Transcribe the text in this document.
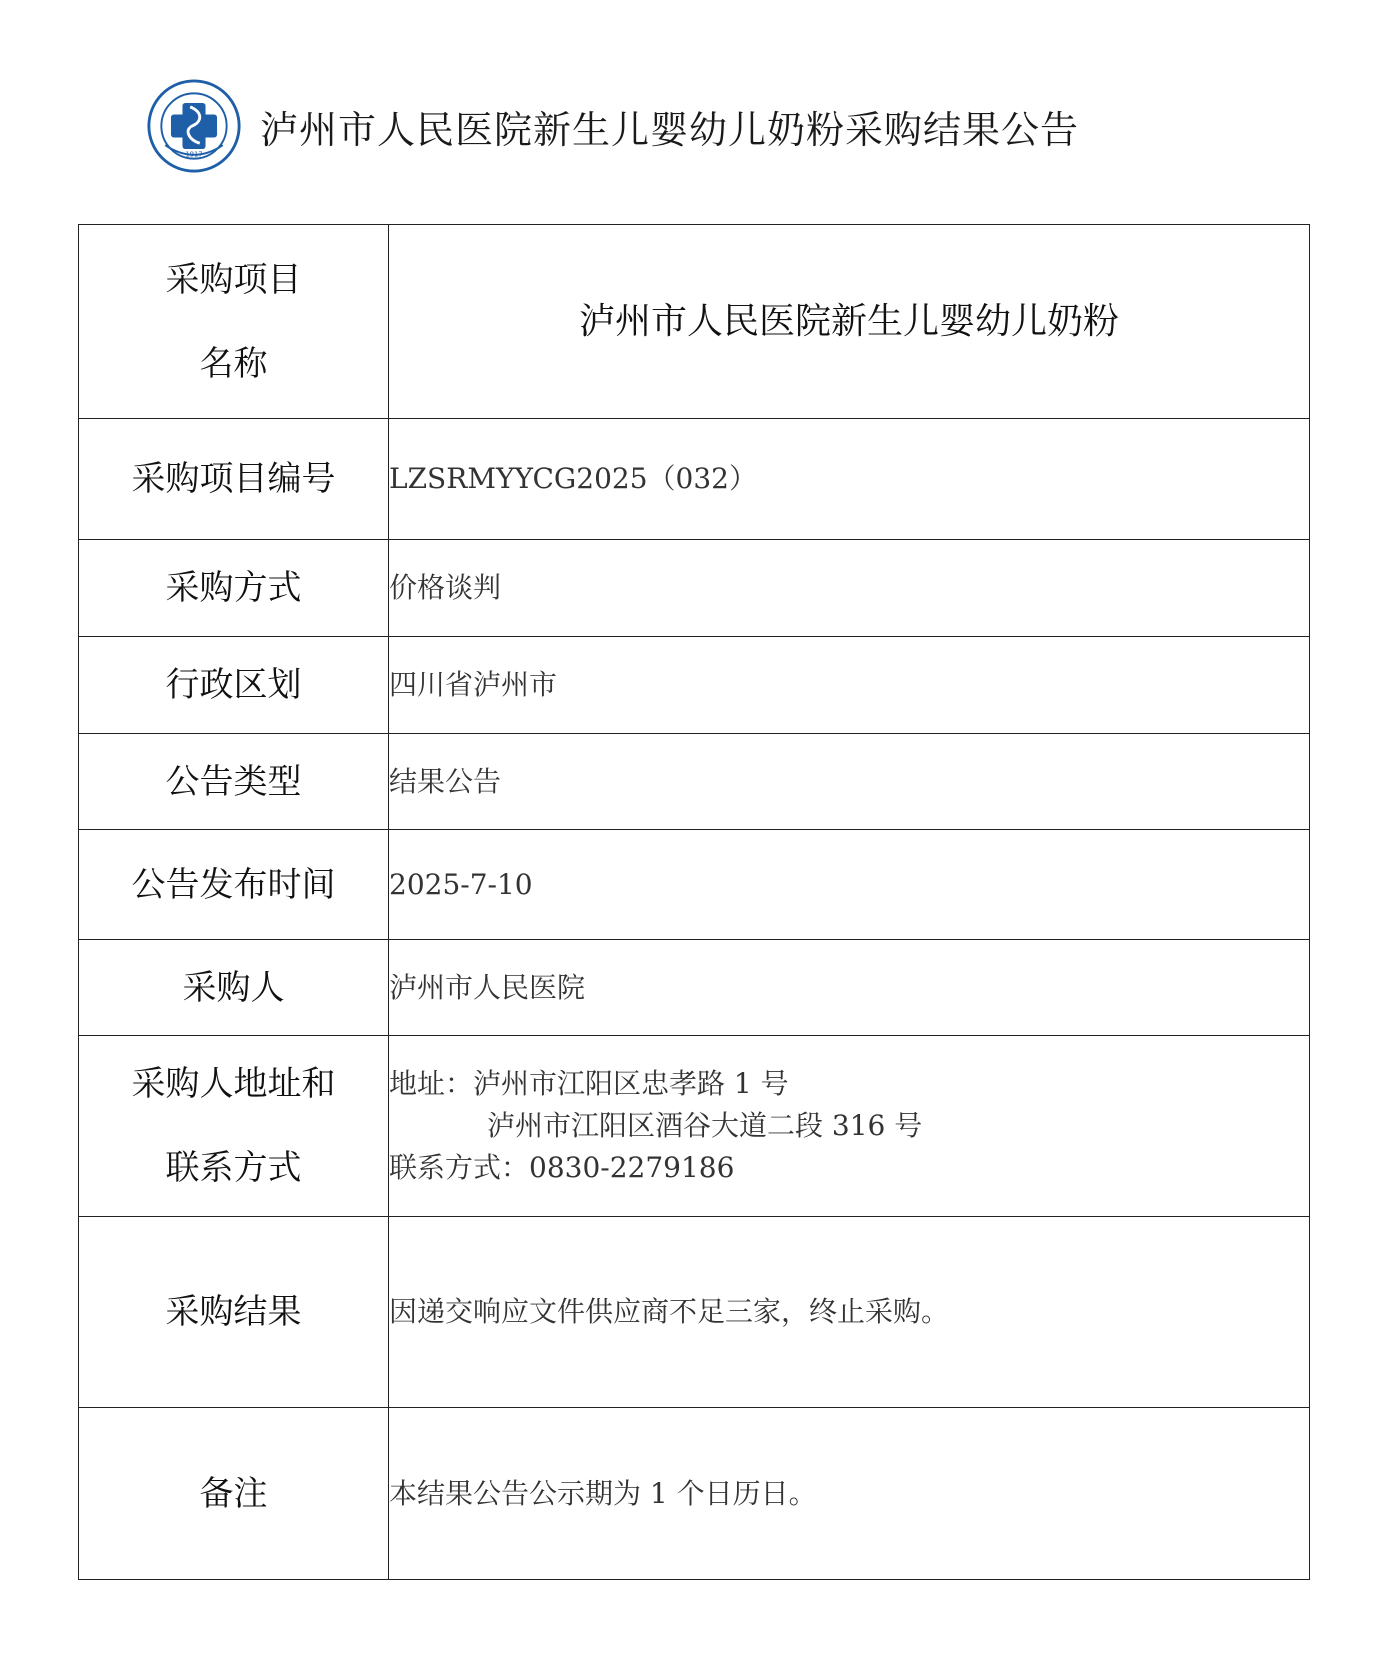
1917
泸州市人民医院新生儿婴幼儿奶粉采购结果公告
采购项目
名称	泸州市人民医院新生儿婴幼儿奶粉
采购项目编号	LZSRMYYCG2025（032）
采购方式	价格谈判
行政区划	四川省泸州市
公告类型	结果公告
公告发布时间	2025-7-10
采购人	泸州市人民医院

采购人地址和
联系方式	地址：泸州市江阳区忠孝路 1 号
泸州市江阳区酒谷大道二段 316 号
联系方式：0830-2279186

采购结果	因递交响应文件供应商不足三家，终止采购。
备注	本结果公告公示期为 1 个日历日。
